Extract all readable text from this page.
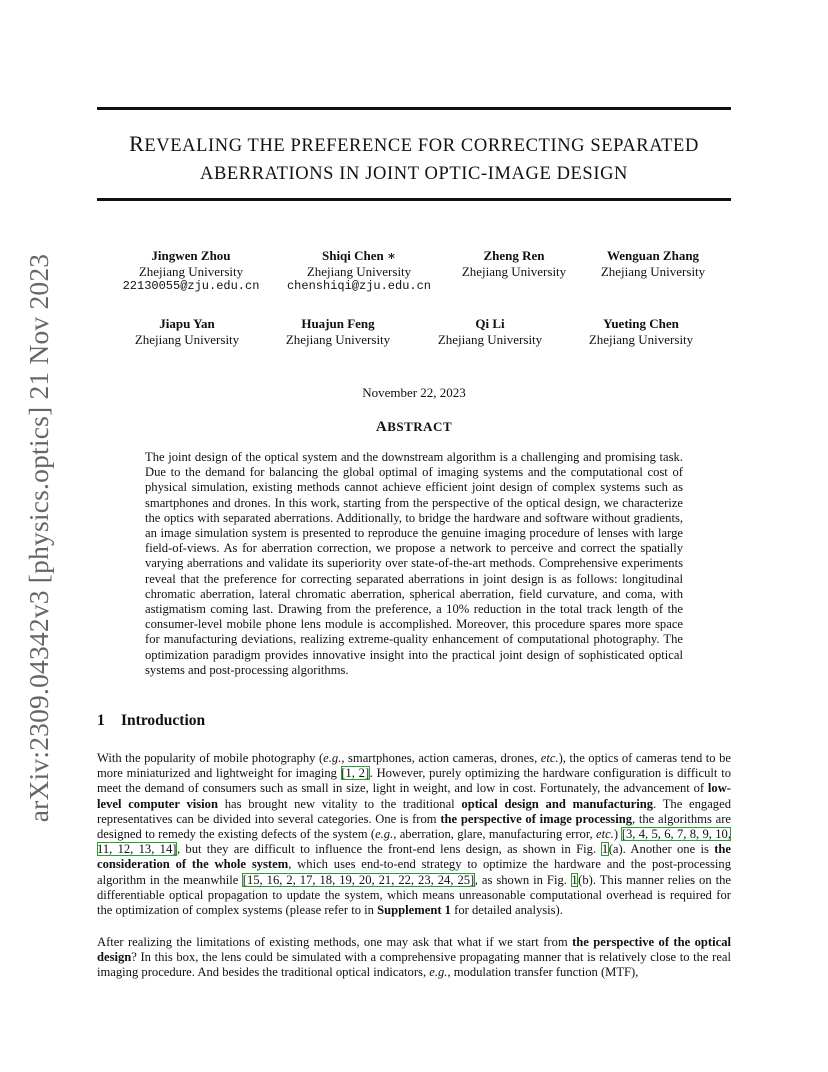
arXiv:2309.04342v3 [physics.optics] 21 Nov 2023
REVEALING THE PREFERENCE FOR CORRECTING SEPARATED
ABERRATIONS IN JOINT OPTIC-IMAGE DESIGN
Jingwen Zhou
Zhejiang University
22130055@zju.edu.cn
Shiqi Chen ∗
Zhejiang University
chenshiqi@zju.edu.cn
Zheng Ren
Zhejiang University
Wenguan Zhang
Zhejiang University
Jiapu Yan
Zhejiang University
Huajun Feng
Zhejiang University
Qi Li
Zhejiang University
Yueting Chen
Zhejiang University
November 22, 2023
ABSTRACT

The joint design of the optical system and the downstream algorithm is a challenging and promising task. Due to the demand for balancing the global optimal of imaging systems and the computational cost of physical simulation, existing methods cannot achieve efficient joint design of complex systems such as smartphones and drones. In this work, starting from the perspective of the optical design, we characterize the optics with separated aberrations. Additionally, to bridge the hardware and software without gradients, an image simulation system is presented to reproduce the genuine imaging procedure of lenses with large field-of-views. As for aberration correction, we propose a network to perceive and correct the spatially varying aberrations and validate its superiority over state-of-the-art methods. Comprehensive experiments reveal that the preference for correcting separated aberrations in joint design is as follows: longitudinal chromatic aberration, lateral chromatic aberration, spherical aberration, field curvature, and coma, with astigmatism coming last. Drawing from the preference, a 10% reduction in the total track length of the consumer-level mobile phone lens module is accomplished. Moreover, this procedure spares more space for manufacturing deviations, realizing extreme-quality enhancement of computational photography. The optimization paradigm provides innovative insight into the practical joint design of sophisticated optical systems and post-processing algorithms.

1 Introduction

With the popularity of mobile photography (e.g., smartphones, action cameras, drones, etc.), the optics of cameras tend to be more miniaturized and lightweight for imaging [1, 2]. However, purely optimizing the hardware configuration is difficult to meet the demand of consumers such as small in size, light in weight, and low in cost. Fortunately, the advancement of low-level computer vision has brought new vitality to the traditional optical design and manufacturing. The engaged representatives can be divided into several categories. One is from the perspective of image processing, the algorithms are designed to remedy the existing defects of the system (e.g., aberration, glare, manufacturing error, etc.) [3, 4, 5, 6, 7, 8, 9, 10, 11, 12, 13, 14], but they are difficult to influence the front-end lens design, as shown in Fig. 1(a). Another one is the consideration of the whole system, which uses end-to-end strategy to optimize the hardware and the post-processing algorithm in the meanwhile [15, 16, 2, 17, 18, 19, 20, 21, 22, 23, 24, 25], as shown in Fig. 1(b). This manner relies on the differentiable optical propagation to update the system, which means unreasonable computational overhead is required for the optimization of complex systems (please refer to in Supplement 1 for detailed analysis).

After realizing the limitations of existing methods, one may ask that what if we start from the perspective of the optical design? In this box, the lens could be simulated with a comprehensive propagating manner that is relatively close to the real imaging procedure. And besides the traditional optical indicators, e.g., modulation transfer function (MTF),
